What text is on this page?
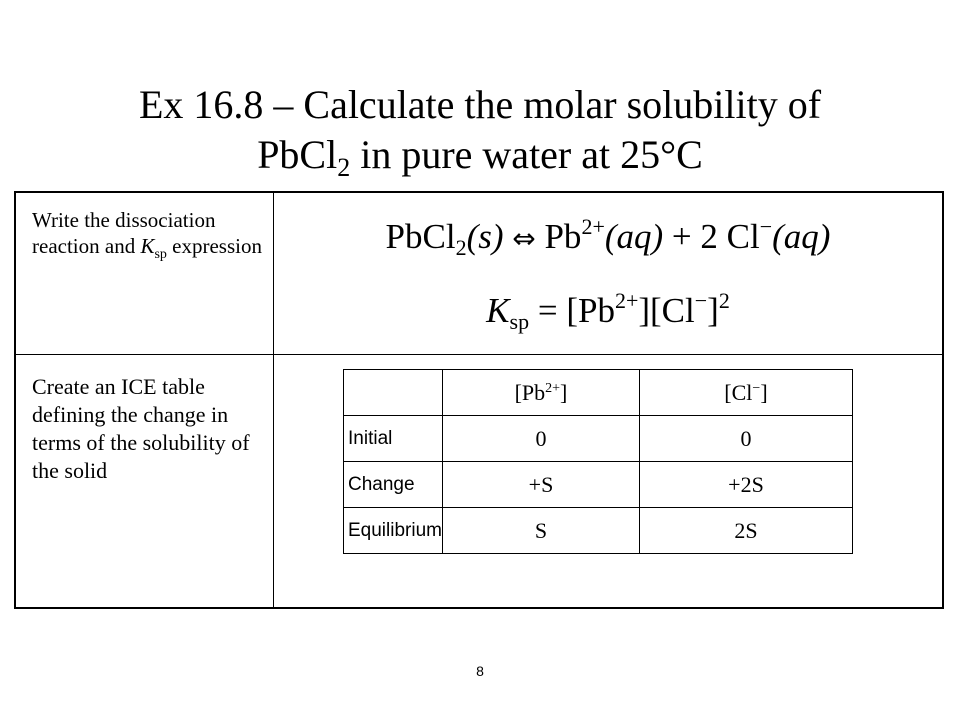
Ex 16.8 – Calculate the molar solubility of
PbCl$_2$ in pure water at 25°C
Write the dissociation reaction and $K_{sp}$ expression	PbCl$_2$(s) ⇔ $Pb^{2+}(aq) + 2$ Cl−(aq)
$K_{sp} = [Pb^{2+}][Cl^-]^2$
Create an ICE table defining the change in terms of the solubility of the solid
	$[Pb^{2+}]$	[Cl−]
Initial	0	0
Change	+S	+2S
Equilibrium	S	2S
8
